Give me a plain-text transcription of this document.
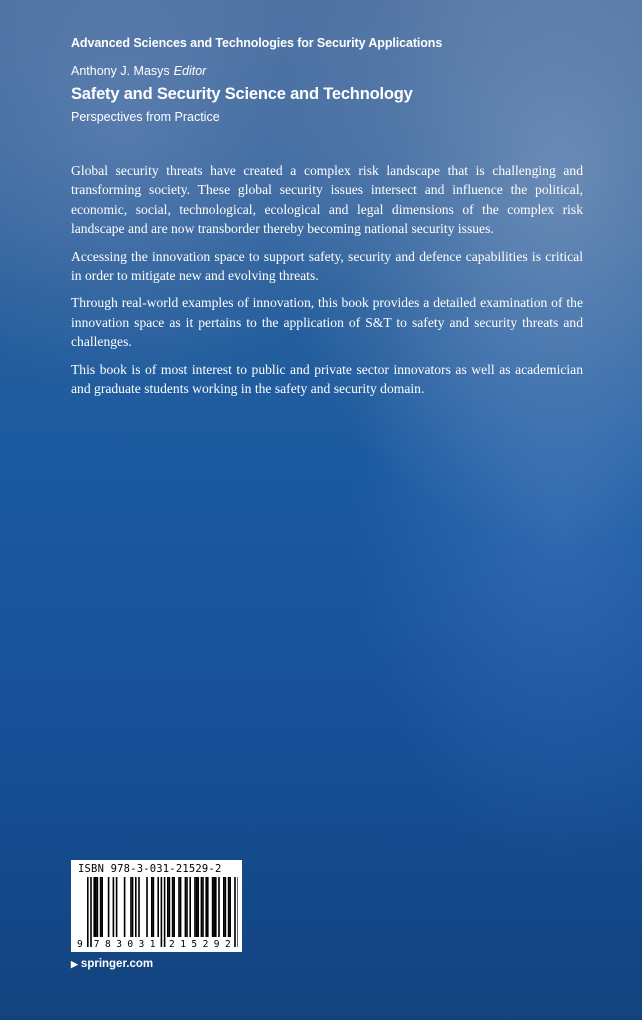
Advanced Sciences and Technologies for Security Applications
Anthony J. Masys Editor
Safety and Security Science and Technology
Perspectives from Practice

Global security threats have created a complex risk landscape that is challenging and transforming society. These global security issues intersect and influence the political, economic, social, technological, ecological and legal dimensions of the complex risk landscape and are now transborder thereby becoming national security issues.

Accessing the innovation space to support safety, security and defence capabilities is critical in order to mitigate new and evolving threats.

Through real-world examples of innovation, this book provides a detailed examination of the innovation space as it pertains to the application of S&T to safety and security threats and challenges.

This book is of most interest to public and private sector innovators as well as academician and graduate students working in the safety and security domain.

ISBN 978-3-031-21529-2
9 7 8 3 0 3 1 2 1 5 2 9 2
▶ springer.com
